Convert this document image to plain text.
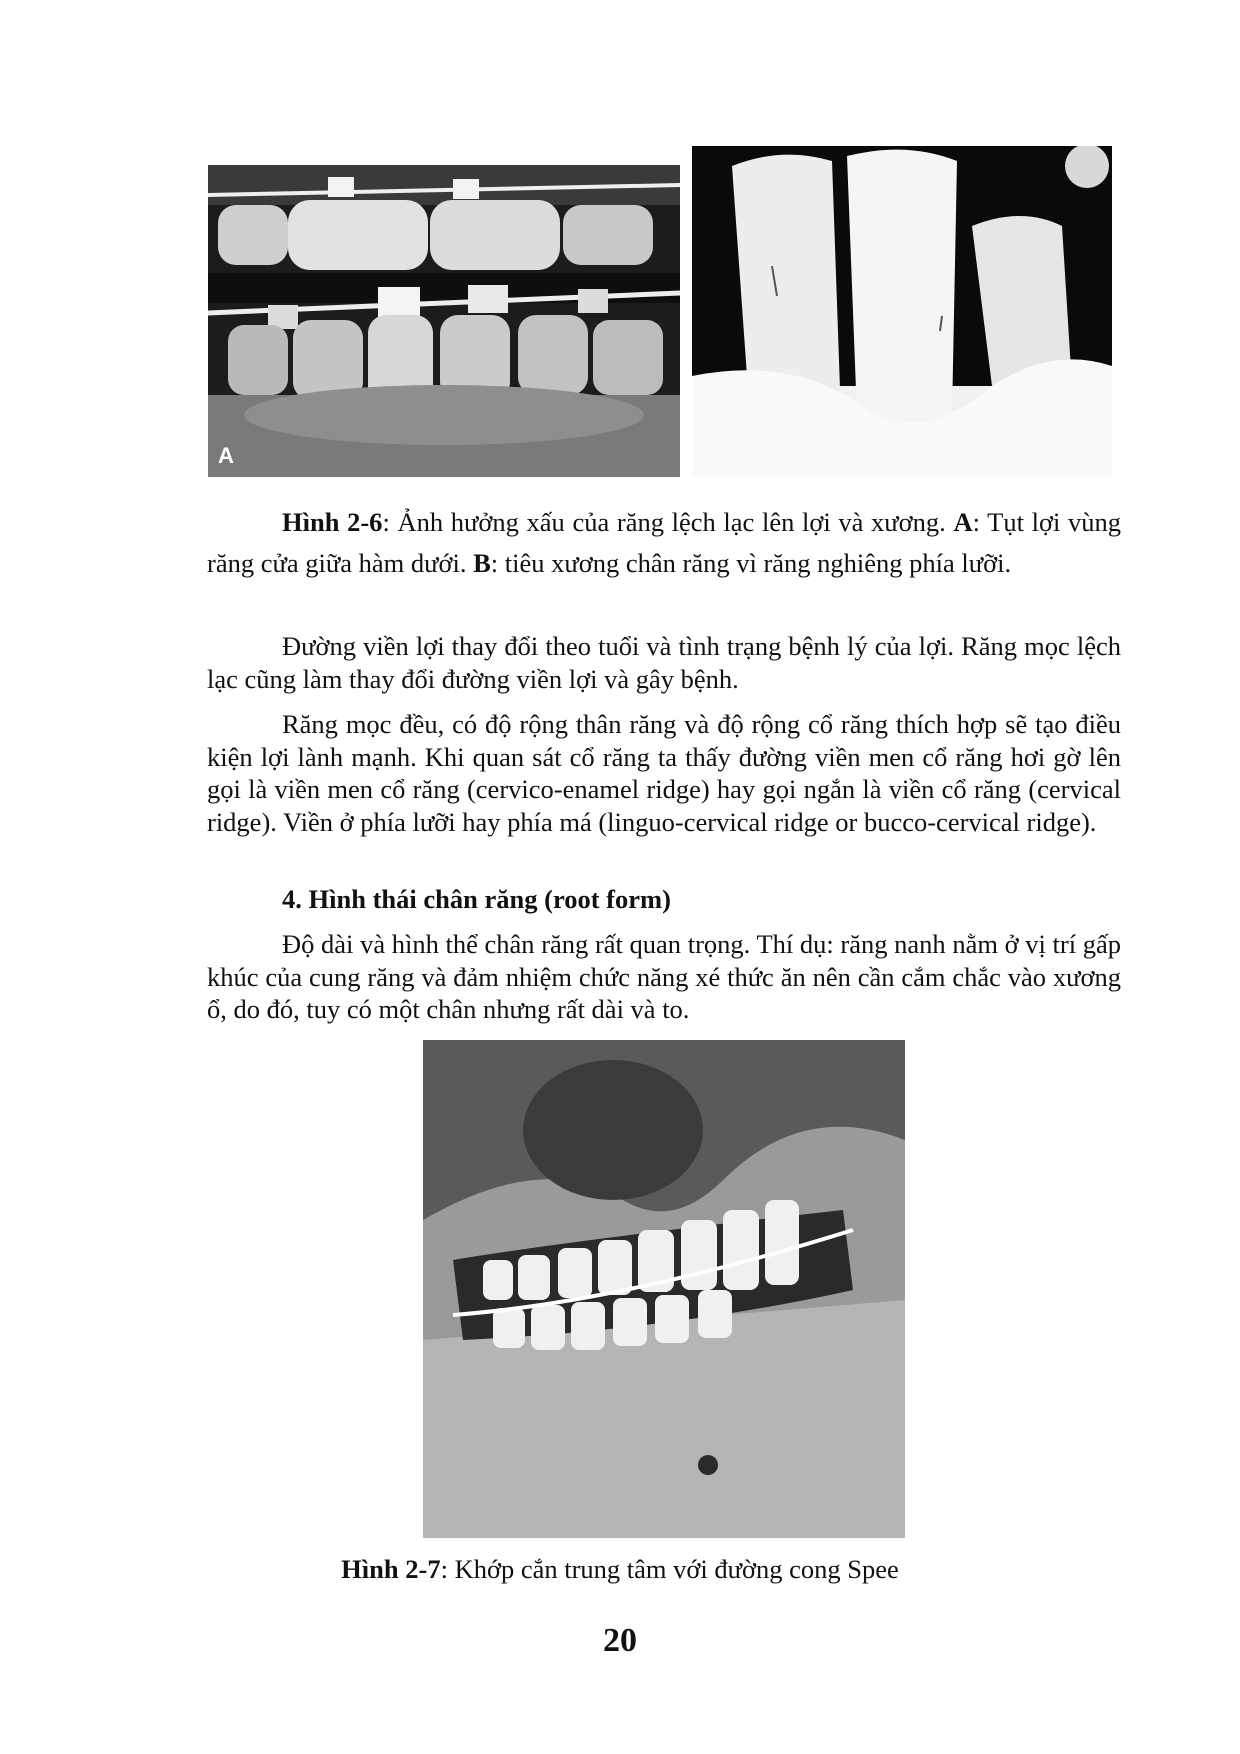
A
Hình 2-6: Ảnh hưởng xấu của răng lệch lạc lên lợi và xương. A: Tụt lợi vùng răng cửa giữa hàm dưới. B: tiêu xương chân răng vì răng nghiêng phía lưỡi.

Đường viền lợi thay đổi theo tuổi và tình trạng bệnh lý của lợi. Răng mọc lệch lạc cũng làm thay đổi đường viền lợi và gây bệnh.

Răng mọc đều, có độ rộng thân răng và độ rộng cổ răng thích hợp sẽ tạo điều kiện lợi lành mạnh. Khi quan sát cổ răng ta thấy đường viền men cổ răng hơi gờ lên gọi là viền men cổ răng (cervico-enamel ridge) hay gọi ngắn là viền cổ răng (cervical ridge). Viền ở phía lưỡi hay phía má (linguo-cervical ridge or bucco-cervical ridge).

4. Hình thái chân răng (root form)

Độ dài và hình thể chân răng rất quan trọng. Thí dụ: răng nanh nằm ở vị trí gấp khúc của cung răng và đảm nhiệm chức năng xé thức ăn nên cần cắm chắc vào xương ổ, do đó, tuy có một chân nhưng rất dài và to.

Hình 2-7: Khớp cắn trung tâm với đường cong Spee
20
